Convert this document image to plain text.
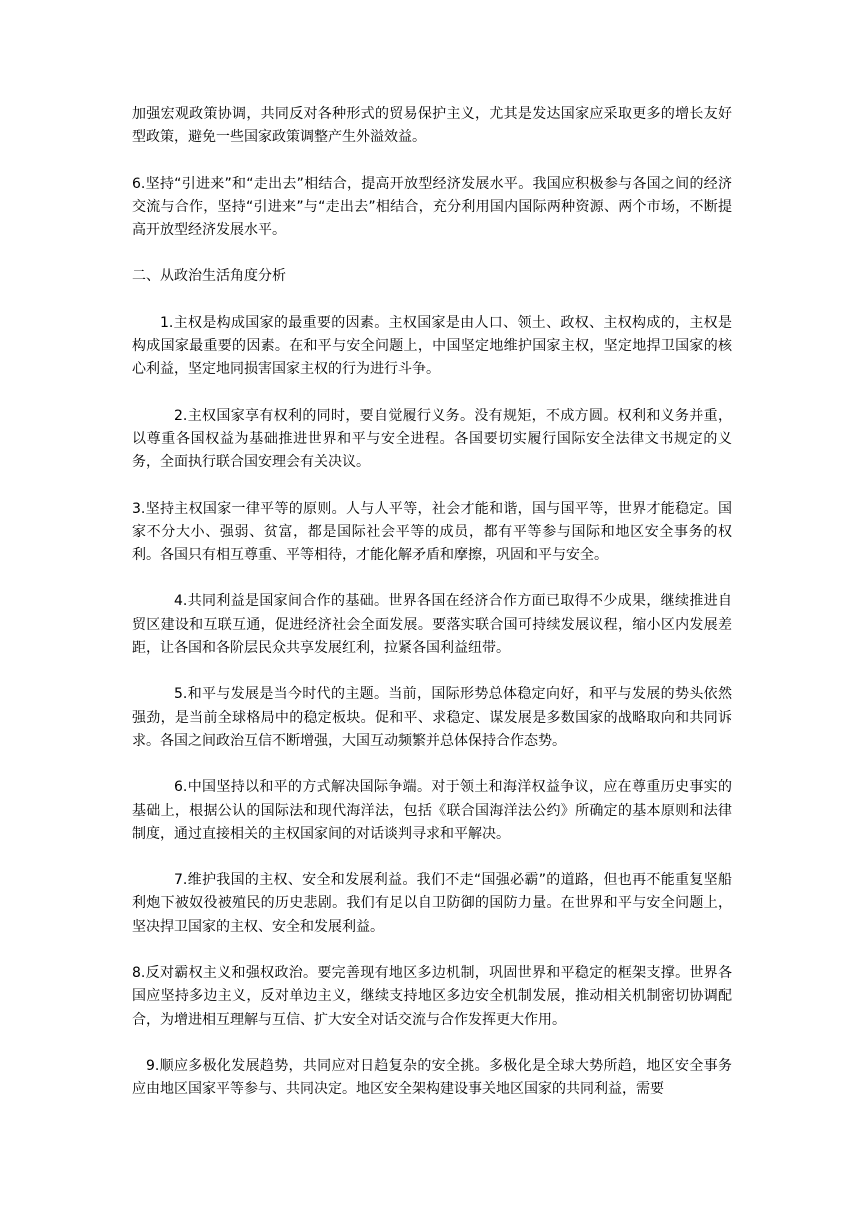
加强宏观政策协调，共同反对各种形式的贸易保护主义，尤其是发达国家应采取更多的增长友好型政策，避免一些国家政策调整产生外溢效益。

6.坚持“引进来”和“走出去”相结合，提高开放型经济发展水平。我国应积极参与各国之间的经济交流与合作，坚持“引进来”与“走出去”相结合，充分利用国内国际两种资源、两个市场，不断提高开放型经济发展水平。

二、从政治生活角度分析

1.主权是构成国家的最重要的因素。主权国家是由人口、领土、政权、主权构成的，主权是构成国家最重要的因素。在和平与安全问题上，中国坚定地维护国家主权，坚定地捍卫国家的核心利益，坚定地同损害国家主权的行为进行斗争。

2.主权国家享有权利的同时，要自觉履行义务。没有规矩，不成方圆。权利和义务并重，以尊重各国权益为基础推进世界和平与安全进程。各国要切实履行国际安全法律文书规定的义务，全面执行联合国安理会有关决议。

3.坚持主权国家一律平等的原则。人与人平等，社会才能和谐，国与国平等，世界才能稳定。国家不分大小、强弱、贫富，都是国际社会平等的成员，都有平等参与国际和地区安全事务的权利。各国只有相互尊重、平等相待，才能化解矛盾和摩擦，巩固和平与安全。

4.共同利益是国家间合作的基础。世界各国在经济合作方面已取得不少成果，继续推进自贸区建设和互联互通，促进经济社会全面发展。要落实联合国可持续发展议程，缩小区内发展差距，让各国和各阶层民众共享发展红利，拉紧各国利益纽带。

5.和平与发展是当今时代的主题。当前，国际形势总体稳定向好，和平与发展的势头依然强劲，是当前全球格局中的稳定板块。促和平、求稳定、谋发展是多数国家的战略取向和共同诉求。各国之间政治互信不断增强，大国互动频繁并总体保持合作态势。

6.中国坚持以和平的方式解决国际争端。对于领土和海洋权益争议，应在尊重历史事实的基础上，根据公认的国际法和现代海洋法，包括《联合国海洋法公约》所确定的基本原则和法律制度，通过直接相关的主权国家间的对话谈判寻求和平解决。

7.维护我国的主权、安全和发展利益。我们不走“国强必霸”的道路，但也再不能重复坚船利炮下被奴役被殖民的历史悲剧。我们有足以自卫防御的国防力量。在世界和平与安全问题上，坚决捍卫国家的主权、安全和发展利益。

8.反对霸权主义和强权政治。要完善现有地区多边机制，巩固世界和平稳定的框架支撑。世界各国应坚持多边主义，反对单边主义，继续支持地区多边安全机制发展，推动相关机制密切协调配合，为增进相互理解与互信、扩大安全对话交流与合作发挥更大作用。

9.顺应多极化发展趋势，共同应对日趋复杂的安全挑。多极化是全球大势所趋，地区安全事务应由地区国家平等参与、共同决定。地区安全架构建设事关地区国家的共同利益，需要
